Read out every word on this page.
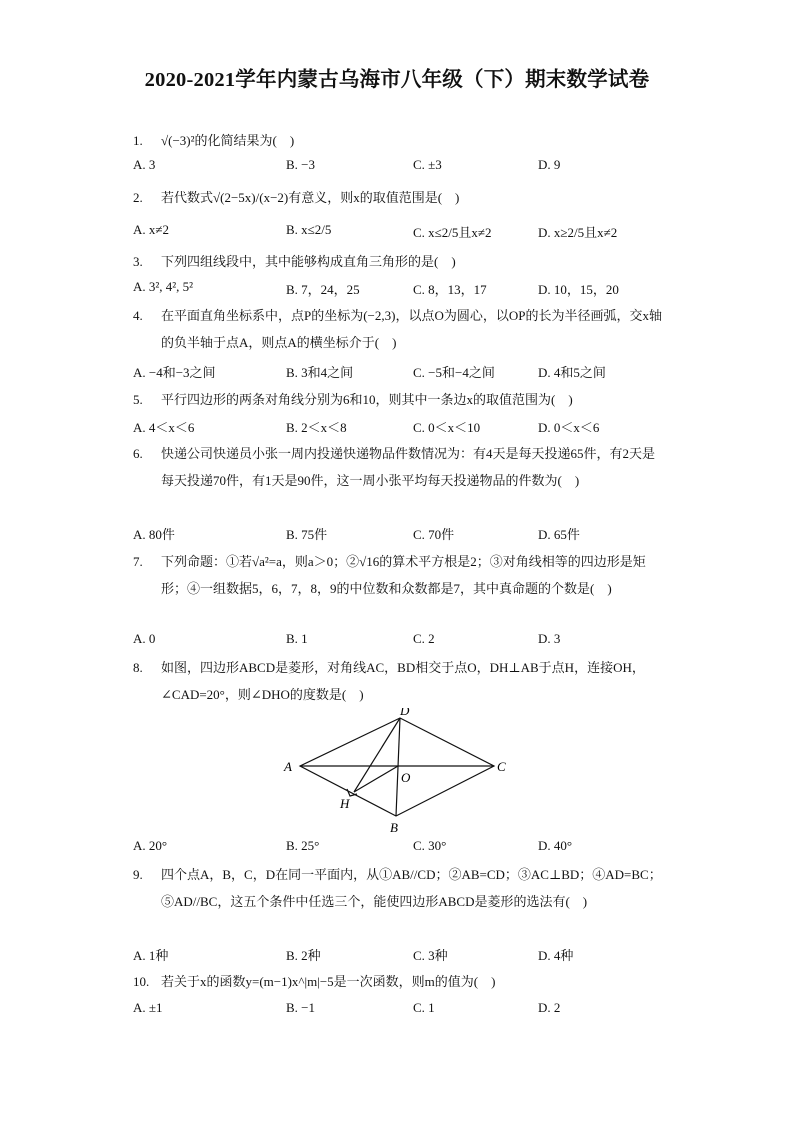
2020-2021学年内蒙古乌海市八年级（下）期末数学试卷
1.	√(−3)²的化简结果为(　)
A. 3	B. −3	C. ±3	D. 9
2.	若代数式√(2−5x)/(x−2)有意义，则x的取值范围是(　)
A. x≠2	B. x≤2/5	C. x≤2/5且x≠2	D. x≥2/5且x≠2
3.	下列四组线段中，其中能够构成直角三角形的是(　)
A. 3², 4², 5²	B. 7，24，25	C. 8，13，17	D. 10，15，20
4.	在平面直角坐标系中，点P的坐标为(−2,3)，以点O为圆心，以OP的长为半径画弧，交x轴的负半轴于点A，则点A的横坐标介于(　)
A. −4和−3之间	B. 3和4之间	C. −5和−4之间	D. 4和5之间
5.	平行四边形的两条对角线分别为6和10，则其中一条边x的取值范围为(　)
A. 4＜x＜6	B. 2＜x＜8	C. 0＜x＜10	D. 0＜x＜6
6.	快递公司快递员小张一周内投递快递物品件数情况为：有4天是每天投递65件，有2天是每天投递70件，有1天是90件，这一周小张平均每天投递物品的件数为(　)
A. 80件	B. 75件	C. 70件	D. 65件
7.	下列命题：①若√a²=a，则a＞0；②√16的算术平方根是2；③对角线相等的四边形是矩形；④一组数据5，6，7，8，9的中位数和众数都是7，其中真命题的个数是(　)
A. 0	B. 1	C. 2	D. 3
8.	如图，四边形ABCD是菱形，对角线AC，BD相交于点O，DH⊥AB于点H，连接OH，∠CAD=20°，则∠DHO的度数是(　)
D
A	C
O
H
B
A. 20°	B. 25°	C. 30°	D. 40°
9.	四个点A，B，C，D在同一平面内，从①AB//CD；②AB=CD；③AC⊥BD；④AD=BC；⑤AD//BC，这五个条件中任选三个，能使四边形ABCD是菱形的选法有(　)
A. 1种	B. 2种	C. 3种	D. 4种
10. 若关于x的函数y=(m−1)x^|m|−5是一次函数，则m的值为(　)
A. ±1	B. −1	C. 1	D. 2
